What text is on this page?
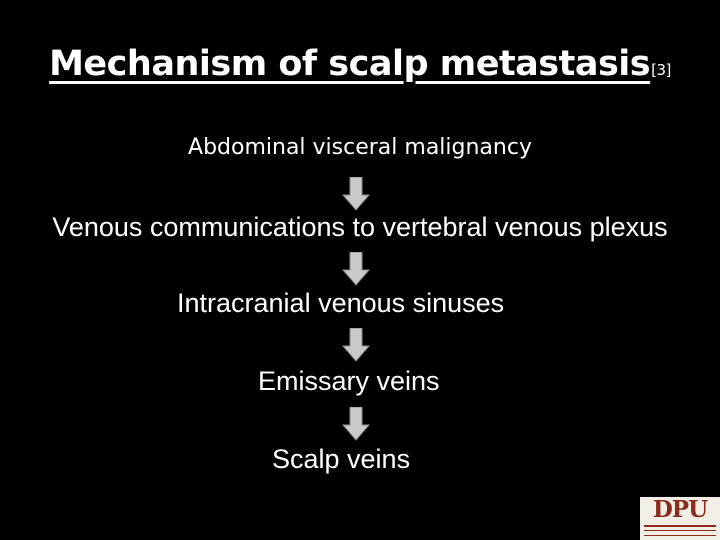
Mechanism of scalp metastasis[3]
Abdominal visceral malignancy
Venous communications to vertebral venous plexus
Intracranial venous sinuses
Emissary veins
Scalp veins
DPU
